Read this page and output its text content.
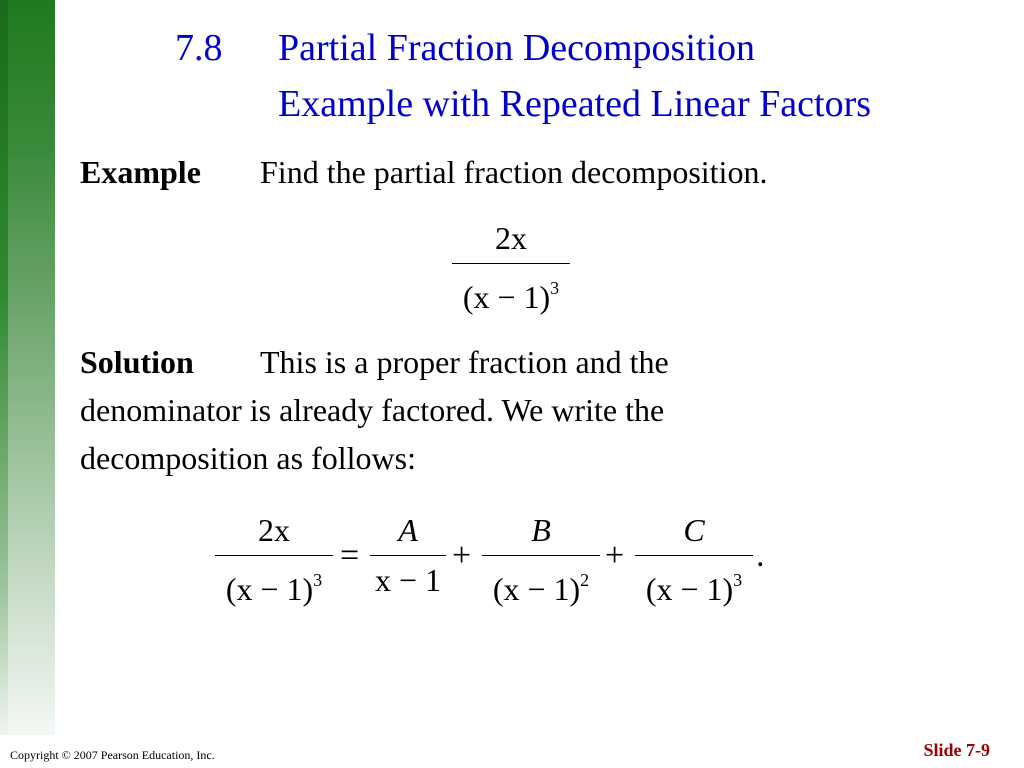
7.8 Partial Fraction Decomposition
Example with Repeated Linear Factors
Example Find the partial fraction decomposition.
2x
$(x - 1)^3$
Solution This is a proper fraction and the
denominator is already factored. We write the
decomposition as follows:
2x
$(x - 1)^3$
=
A
x − 1
+
B
$(x - 1)^2$
+
C
$(x - 1)^3$
.
Copyright © 2007 Pearson Education, Inc.	Slide 7-9
